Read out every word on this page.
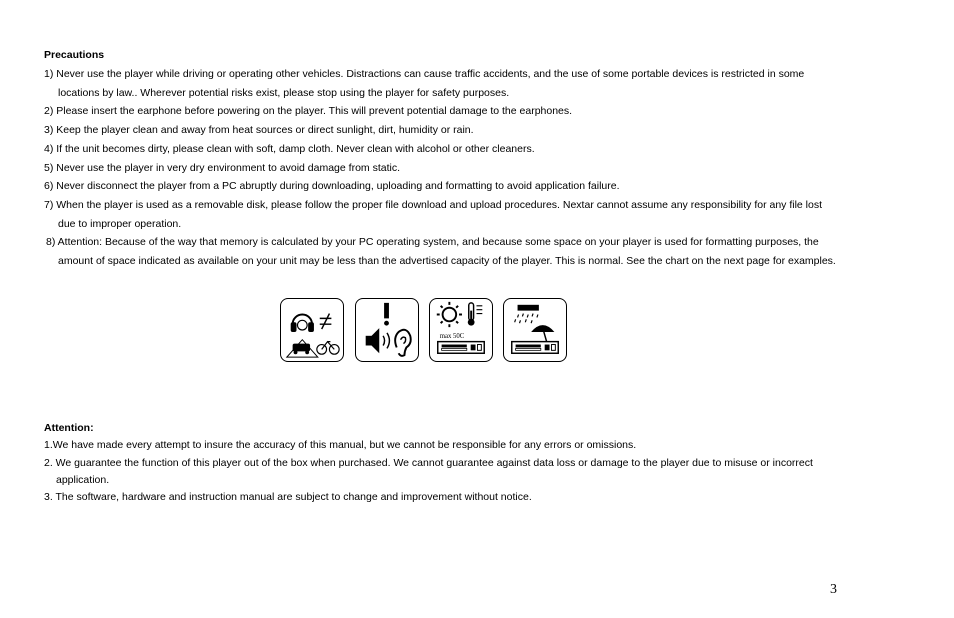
Precautions
1) Never use the player while driving or operating other vehicles. Distractions can cause traffic accidents, and the use of some portable devices is restricted in some
locations by law.. Wherever potential risks exist, please stop using the player for safety purposes.
2) Please insert the earphone before powering on the player. This will prevent potential damage to the earphones.
3) Keep the player clean and away from heat sources or direct sunlight, dirt, humidity or rain.
4) If the unit becomes dirty, please clean with soft, damp cloth. Never clean with alcohol or other cleaners.
5) Never use the player in very dry environment to avoid damage from static.
6) Never disconnect the player from a PC abruptly during downloading, uploading and formatting to avoid application failure.
7) When the player is used as a removable disk, please follow the proper file download and upload procedures. Nextar cannot assume any responsibility for any file lost
due to improper operation.
8) Attention: Because of the way that memory is calculated by your PC operating system, and because some space on your player is used for formatting purposes, the
amount of space indicated as available on your unit may be less than the advertised capacity of the player. This is normal. See the chart on the next page for examples.
max 50C
Attention:
1.We have made every attempt to insure the accuracy of this manual, but we cannot be responsible for any errors or omissions.
2. We guarantee the function of this player out of the box when purchased. We cannot guarantee against data loss or damage to the player due to misuse or incorrect
application.
3. The software, hardware and instruction manual are subject to change and improvement without notice.
3
